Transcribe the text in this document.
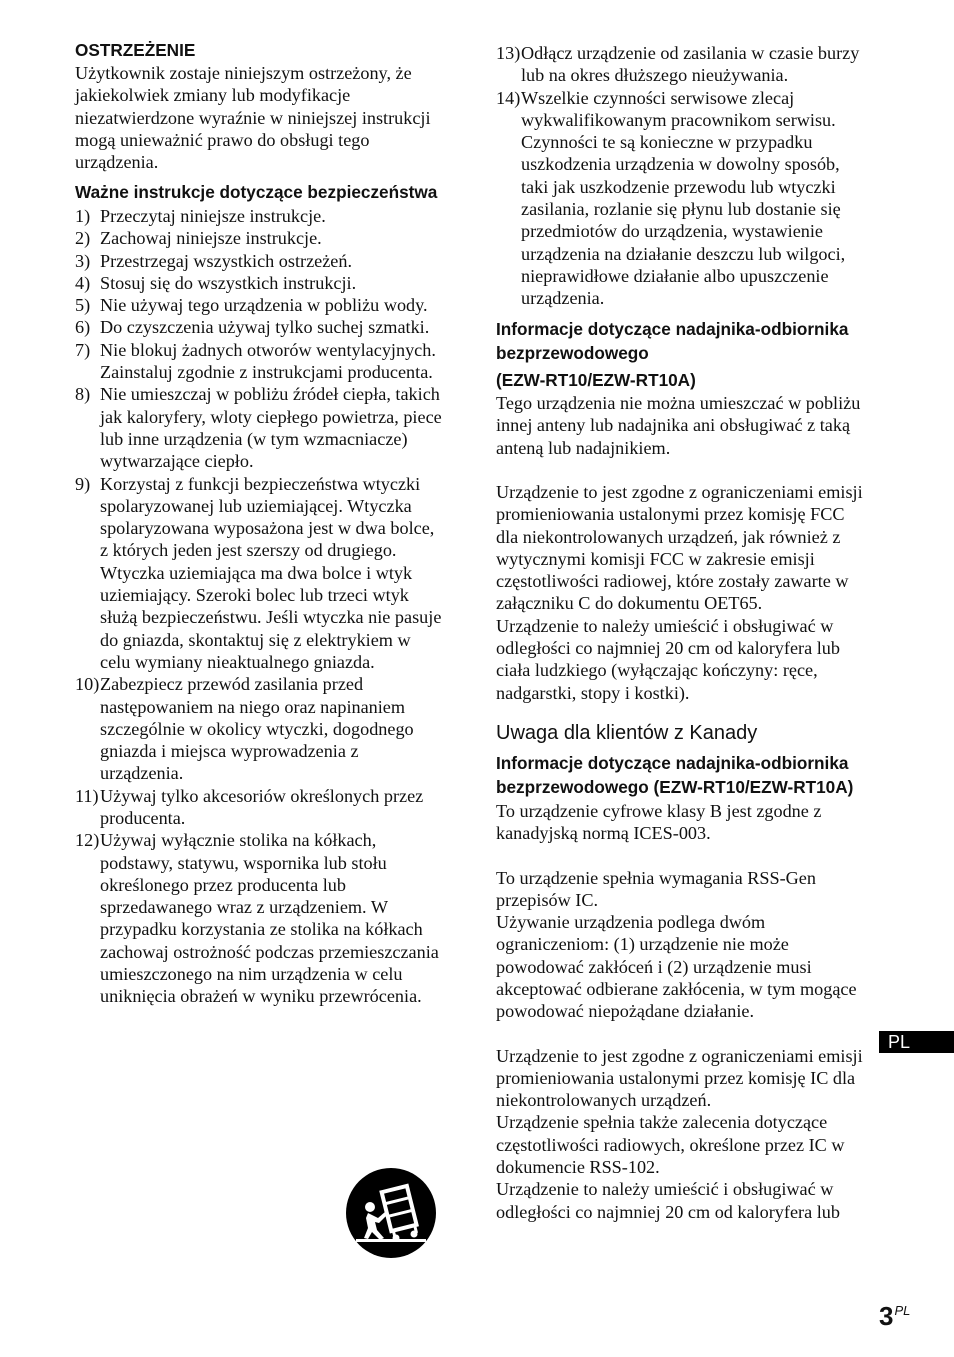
OSTRZEŻENIE

Użytkownik zostaje niniejszym ostrzeżony, że jakiekolwiek zmiany lub modyfikacje niezatwierdzone wyraźnie w niniejszej instrukcji mogą unieważnić prawo do obsługi tego urządzenia.

Ważne instrukcje dotyczące bezpieczeństwa
1) Przeczytaj niniejsze instrukcje.
2) Zachowaj niniejsze instrukcje.
3) Przestrzegaj wszystkich ostrzeżeń.
4) Stosuj się do wszystkich instrukcji.
5) Nie używaj tego urządzenia w pobliżu wody.
6) Do czyszczenia używaj tylko suchej szmatki.
7) Nie blokuj żadnych otworów wentylacyjnych. Zainstaluj zgodnie z instrukcjami producenta.
8) Nie umieszczaj w pobliżu źródeł ciepła, takich jak kaloryfery, wloty ciepłego powietrza, piece lub inne urządzenia (w tym wzmacniacze) wytwarzające ciepło.
9) Korzystaj z funkcji bezpieczeństwa wtyczki spolaryzowanej lub uziemiającej. Wtyczka spolaryzowana wyposażona jest w dwa bolce, z których jeden jest szerszy od drugiego. Wtyczka uziemiająca ma dwa bolce i wtyk uziemiający. Szeroki bolec lub trzeci wtyk służą bezpieczeństwu. Jeśli wtyczka nie pasuje do gniazda, skontaktuj się z elektrykiem w celu wymiany nieaktualnego gniazda.
10) Zabezpiecz przewód zasilania przed następowaniem na niego oraz napinaniem szczególnie w okolicy wtyczki, dogodnego gniazda i miejsca wyprowadzenia z urządzenia.
11) Używaj tylko akcesoriów określonych przez producenta.
12) Używaj wyłącznie stolika na kółkach, podstawy, statywu, wspornika lub stołu określonego przez producenta lub sprzedawanego wraz z urządzeniem. W przypadku korzystania ze stolika na kółkach zachowaj ostrożność podczas przemieszczania umieszczonego na nim urządzenia w celu uniknięcia obrażeń w wyniku przewrócenia.
13) Odłącz urządzenie od zasilania w czasie burzy lub na okres dłuższego nieużywania.
14) Wszelkie czynności serwisowe zlecaj wykwalifikowanym pracownikom serwisu. Czynności te są konieczne w przypadku uszkodzenia urządzenia w dowolny sposób, taki jak uszkodzenie przewodu lub wtyczki zasilania, rozlanie się płynu lub dostanie się przedmiotów do urządzenia, wystawienie urządzenia na działanie deszczu lub wilgoci, nieprawidłowe działanie albo upuszczenie urządzenia.
Informacje dotyczące nadajnika-odbiornika bezprzewodowego
(EZW-RT10/EZW-RT10A)

Tego urządzenia nie można umieszczać w pobliżu innej anteny lub nadajnika ani obsługiwać z taką anteną lub nadajnikiem.

Urządzenie to jest zgodne z ograniczeniami emisji promieniowania ustalonymi przez komisję FCC dla niekontrolowanych urządzeń, jak również z wytycznymi komisji FCC w zakresie emisji częstotliwości radiowej, które zostały zawarte w załączniku C do dokumentu OET65.

Urządzenie to należy umieścić i obsługiwać w odległości co najmniej 20 cm od kaloryfera lub ciała ludzkiego (wyłączając kończyny: ręce, nadgarstki, stopy i kostki).

Uwaga dla klientów z Kanady
Informacje dotyczące nadajnika-odbiornika bezprzewodowego (EZW-RT10/EZW-RT10A)

To urządzenie cyfrowe klasy B jest zgodne z kanadyjską normą ICES-003.

To urządzenie spełnia wymagania RSS-Gen przepisów IC.

Używanie urządzenia podlega dwóm ograniczeniom: (1) urządzenie nie może powodować zakłóceń i (2) urządzenie musi akceptować odbierane zakłócenia, w tym mogące powodować niepożądane działanie.

Urządzenie to jest zgodne z ograniczeniami emisji promieniowania ustalonymi przez komisję IC dla niekontrolowanych urządzeń.

Urządzenie spełnia także zalecenia dotyczące częstotliwości radiowych, określone przez IC w dokumencie RSS-102.

Urządzenie to należy umieścić i obsługiwać w odległości co najmniej 20 cm od kaloryfera lub

PL
$3^{PL}$
